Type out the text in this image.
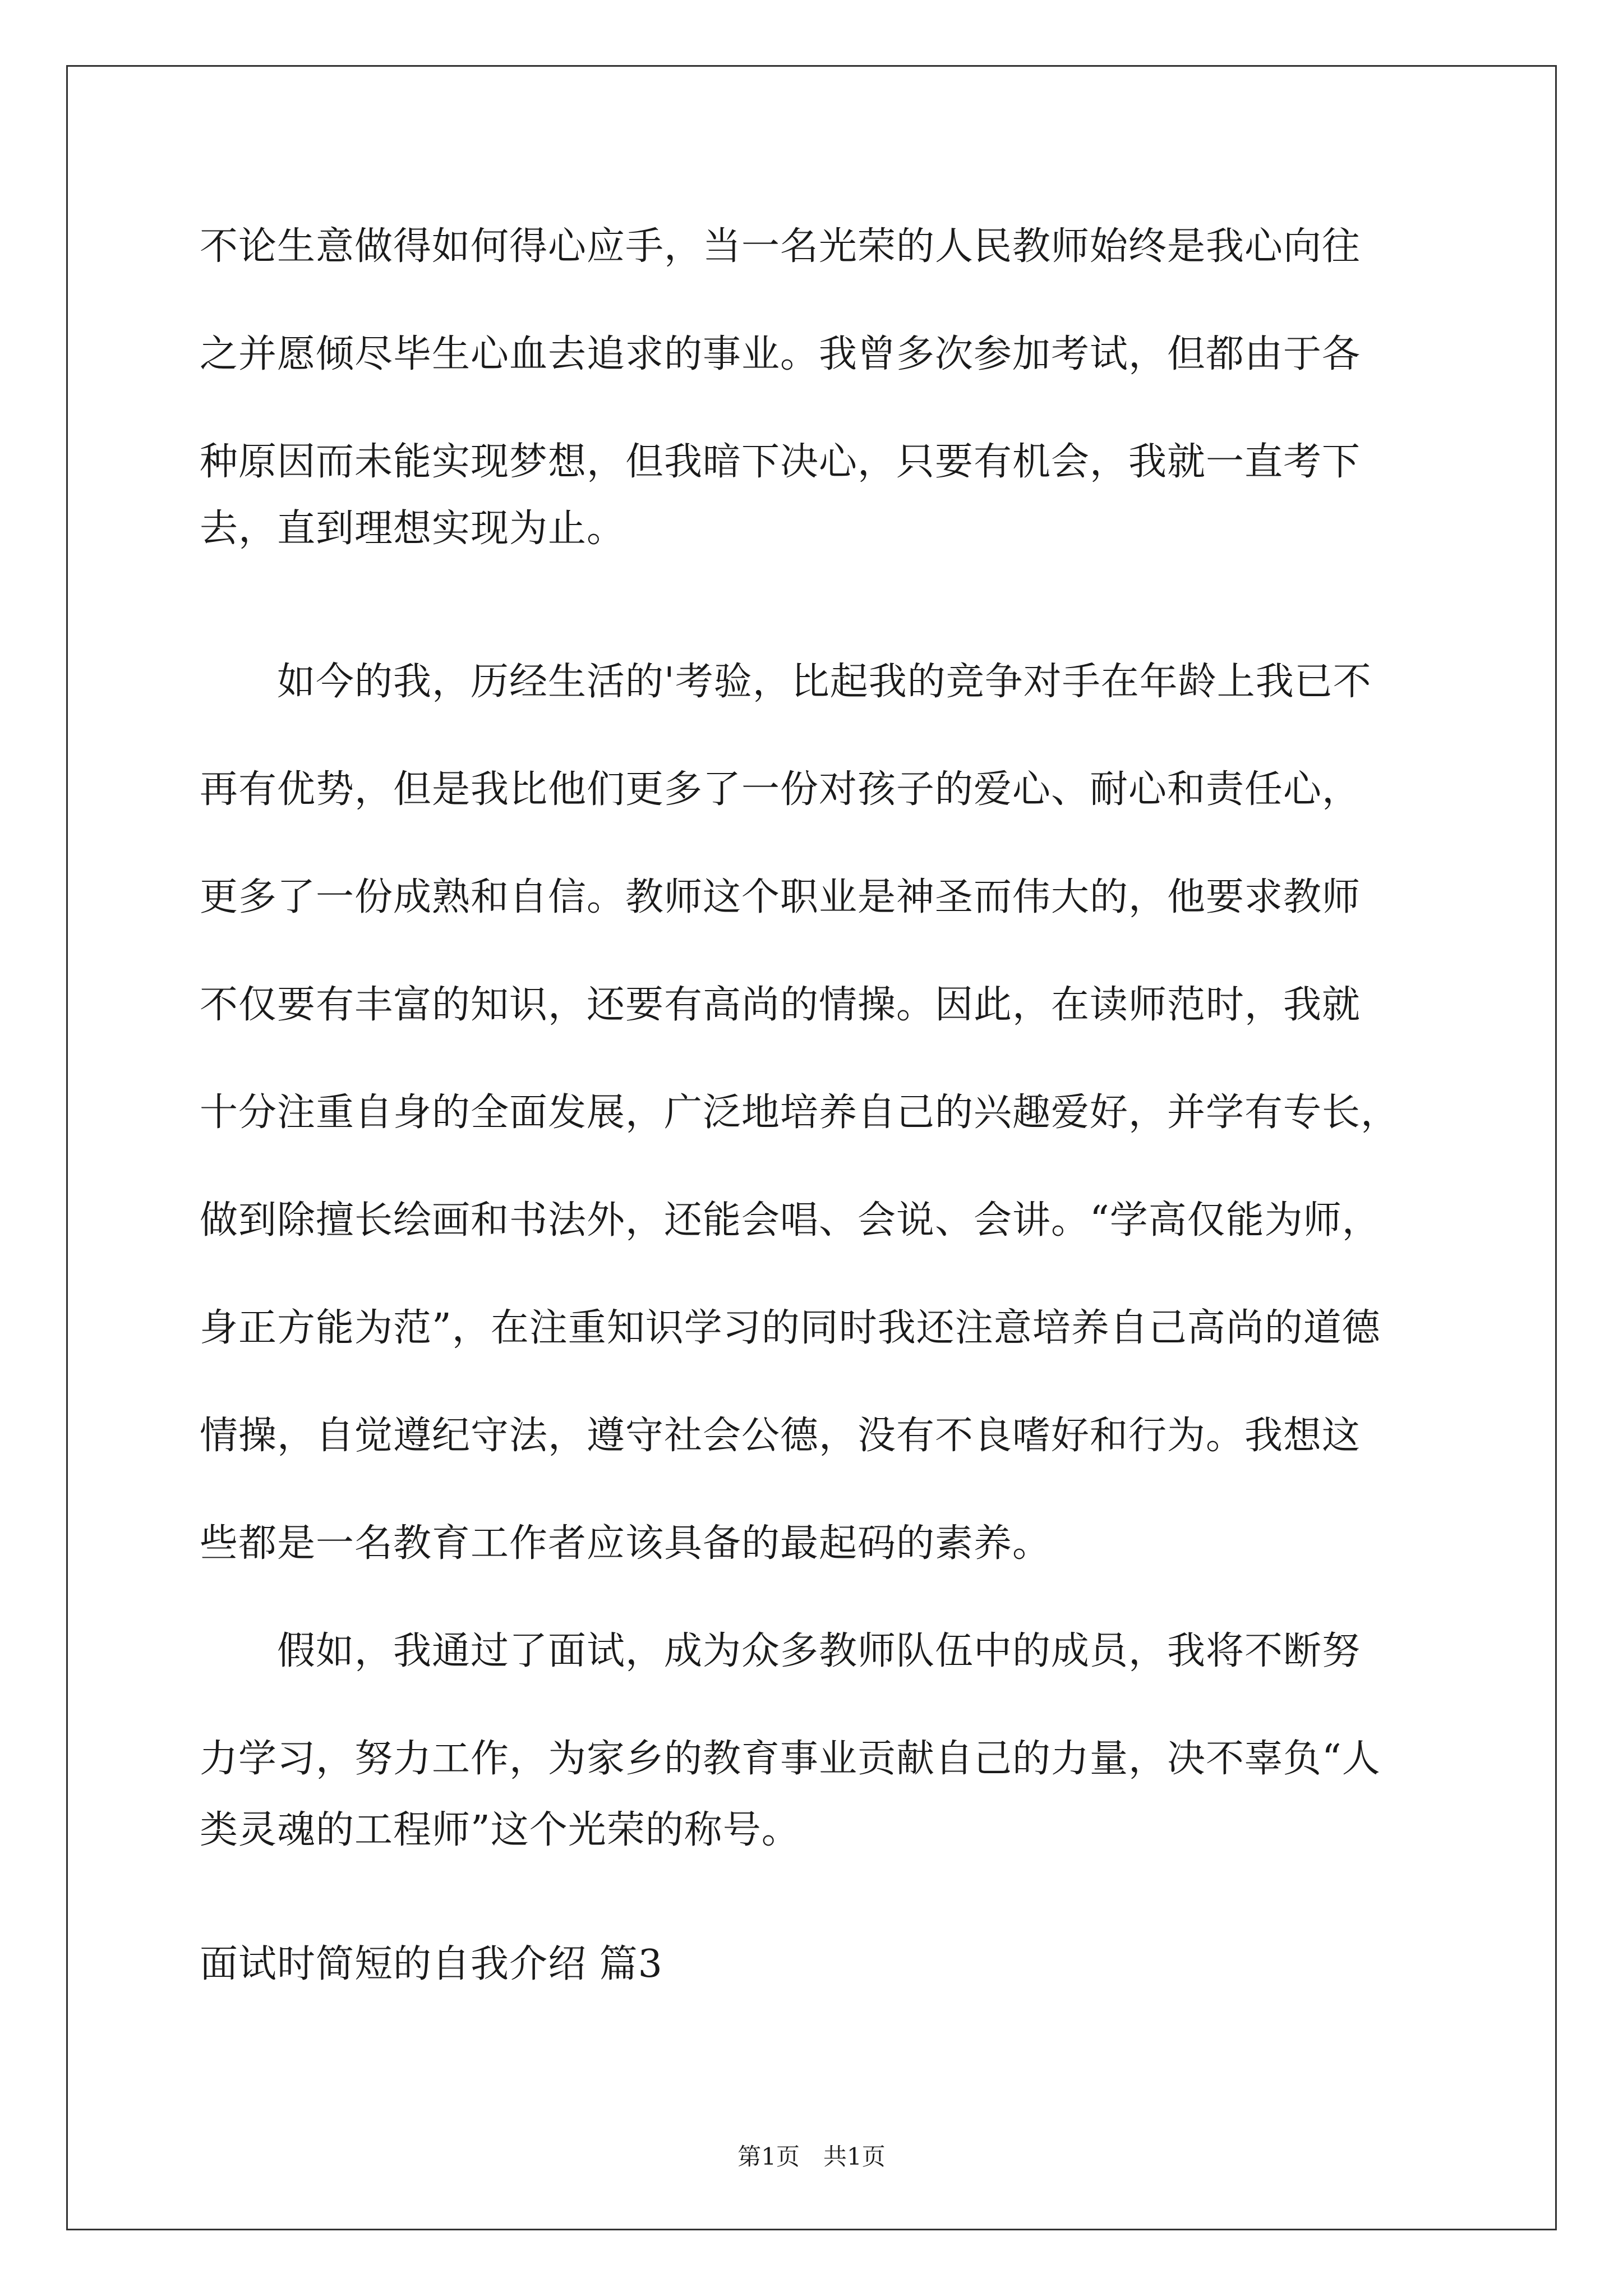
不论生意做得如何得心应手，当一名光荣的人民教师始终是我心向往
之并愿倾尽毕生心血去追求的事业。我曾多次参加考试，但都由于各
种原因而未能实现梦想，但我暗下决心，只要有机会，我就一直考下
去，直到理想实现为止。
　　如今的我，历经生活的'考验，比起我的竞争对手在年龄上我已不
再有优势，但是我比他们更多了一份对孩子的爱心、耐心和责任心，
更多了一份成熟和自信。教师这个职业是神圣而伟大的，他要求教师
不仅要有丰富的知识，还要有高尚的情操。因此，在读师范时，我就
十分注重自身的全面发展，广泛地培养自己的兴趣爱好，并学有专长，
做到除擅长绘画和书法外，还能会唱、会说、会讲。“学高仅能为师，
身正方能为范”，在注重知识学习的同时我还注意培养自己高尚的道德
情操，自觉遵纪守法，遵守社会公德，没有不良嗜好和行为。我想这
些都是一名教育工作者应该具备的最起码的素养。
　　假如，我通过了面试，成为众多教师队伍中的成员，我将不断努
力学习，努力工作，为家乡的教育事业贡献自己的力量，决不辜负“人
类灵魂的工程师”这个光荣的称号。
面试时简短的自我介绍 篇3
第1页　共1页
